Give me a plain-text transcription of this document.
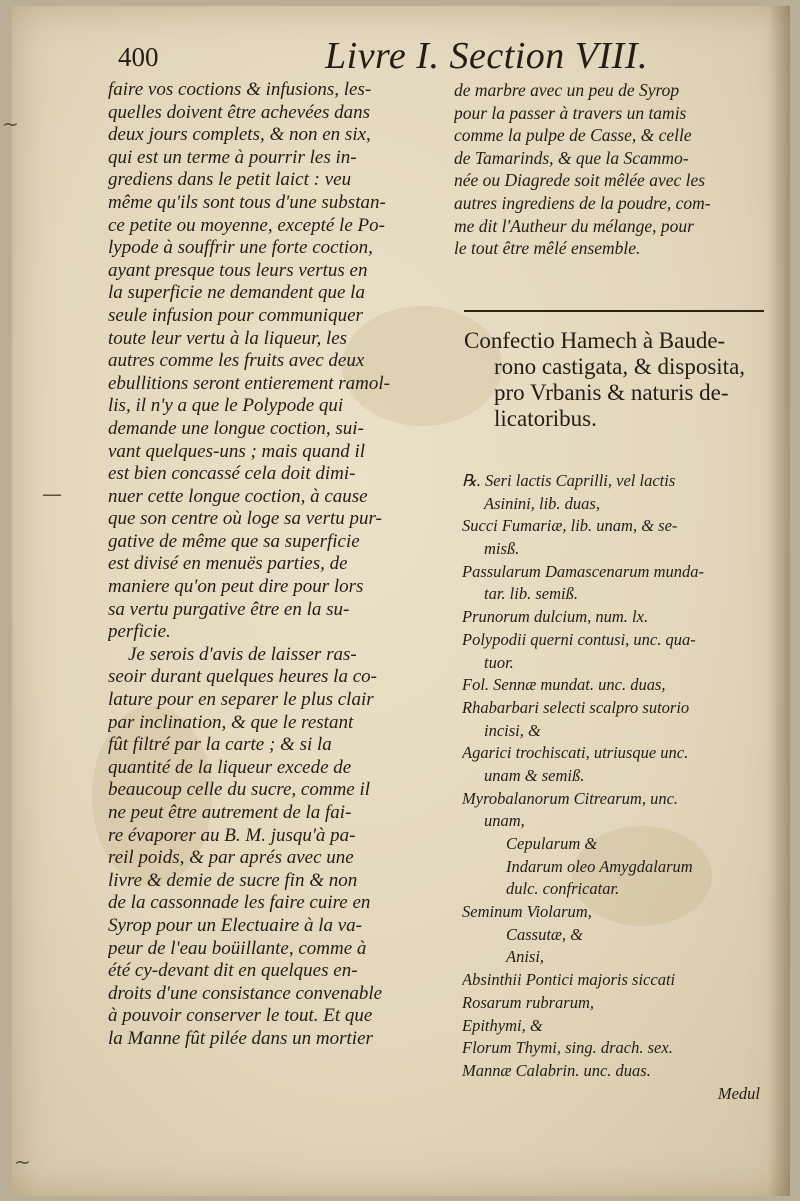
~
—
~
400	Livre I. Section VIII.
faire vos coctions & infusions, les-
quelles doivent être achevées dans
deux jours complets, & non en six,
qui est un terme à pourrir les in-
grediens dans le petit laict : veu
même qu'ils sont tous d'une substan-
ce petite ou moyenne, excepté le Po-
lypode à souffrir une forte coction,
ayant presque tous leurs vertus en
la superficie ne demandent que la
seule infusion pour communiquer
toute leur vertu à la liqueur, les
autres comme les fruits avec deux
ebullitions seront entierement ramol-
lis, il n'y a que le Polypode qui
demande une longue coction, sui-
vant quelques-uns ; mais quand il
est bien concassé cela doit dimi-
nuer cette longue coction, à cause
que son centre où loge sa vertu pur-
gative de même que sa superficie
est divisé en menuës parties, de
maniere qu'on peut dire pour lors
sa vertu purgative être en la su-
perficie.
Je serois d'avis de laisser ras-
seoir durant quelques heures la co-
lature pour en separer le plus clair
par inclination, & que le restant
fût filtré par la carte ; & si la
quantité de la liqueur excede de
beaucoup celle du sucre, comme il
ne peut être autrement de la fai-
re évaporer au B. M. jusqu'à pa-
reil poids, & par aprés avec une
livre & demie de sucre fin & non
de la cassonnade les faire cuire en
Syrop pour un Electuaire à la va-
peur de l'eau boüillante, comme à
été cy-devant dit en quelques en-
droits d'une consistance convenable
à pouvoir conserver le tout. Et que
la Manne fût pilée dans un mortier
de marbre avec un peu de Syrop
pour la passer à travers un tamis
comme la pulpe de Casse, & celle
de Tamarinds, & que la Scammo-
née ou Diagrede soit mêlée avec les
autres ingrediens de la poudre, com-
me dit l'Autheur du mélange, pour
le tout être mêlé ensemble.
Confectio Hamech à Baude-
rono castigata, & disposita,
pro Vrbanis & naturis de-
licatoribus.
℞. Seri lactis Caprilli, vel lactis
Asinini, lib. duas,
Succi Fumariæ, lib. unam, & se-
misß.
Passularum Damascenarum munda-
tar. lib. semiß.
Prunorum dulcium, num. lx.
Polypodii querni contusi, unc. qua-
tuor.
Fol. Sennæ mundat. unc. duas,
Rhabarbari selecti scalpro sutorio
incisi, &
Agarici trochiscati, utriusque unc.
unam & semiß.
Myrobalanorum Citrearum, unc.
unam,
Cepularum &
Indarum oleo Amygdalarum
dulc. confricatar.
Seminum Violarum,
Cassutæ, &
Anisi,
Absinthii Pontici majoris siccati
Rosarum rubrarum,
Epithymi, &
Florum Thymi, sing. drach. sex.
Mannæ Calabrin. unc. duas.
Medul
